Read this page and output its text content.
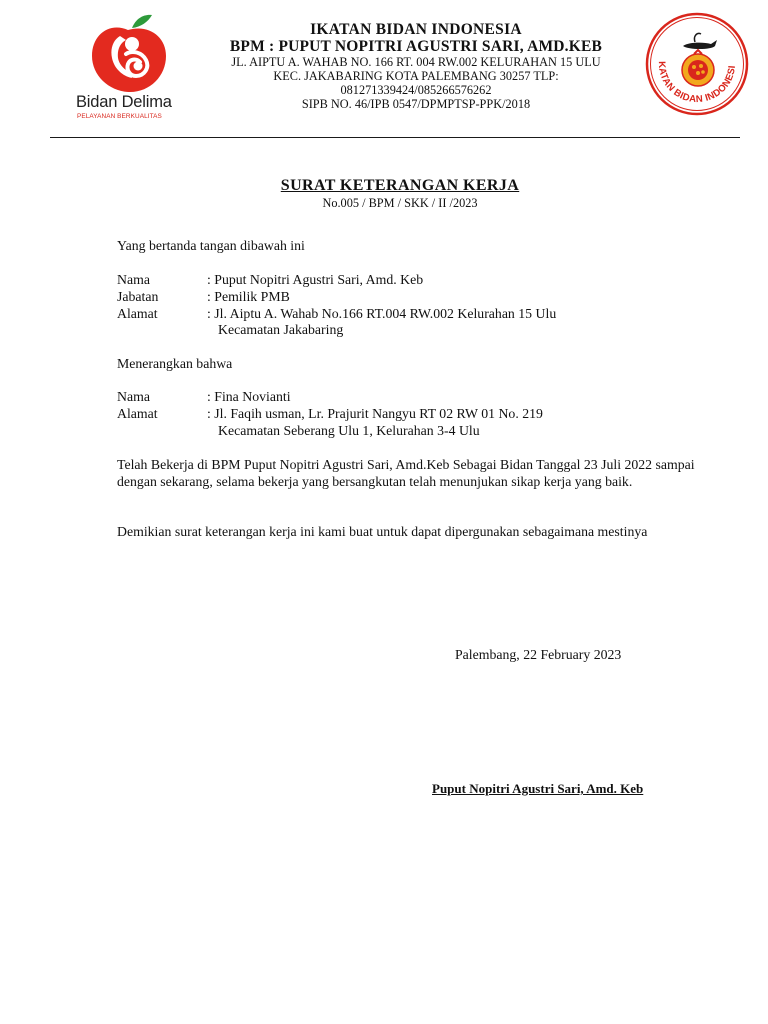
Bidan Delima
PELAYANAN BERKUALITAS
KATAN BIDAN INDONESI
IKATAN BIDAN INDONESIA
BPM : PUPUT NOPITRI AGUSTRI SARI, AMD.KEB
JL. AIPTU A. WAHAB NO. 166 RT. 004 RW.002 KELURAHAN 15 ULU
KEC. JAKABARING KOTA PALEMBANG 30257 TLP:
081271339424/085266576262
SIPB NO. 46/IPB 0547/DPMPTSP-PPK/2018
SURAT KETERANGAN KERJA
No.005 / BPM / SKK / II /2023
Yang bertanda tangan dibawah ini
Nama	: Puput Nopitri Agustri Sari, Amd. Keb
Jabatan	: Pemilik PMB
Alamat	: Jl. Aiptu A. Wahab No.166 RT.004 RW.002 Kelurahan 15 Ulu
Kecamatan Jakabaring
Menerangkan bahwa
Nama	: Fina Novianti
Alamat	: Jl. Faqih usman, Lr. Prajurit Nangyu RT 02 RW 01 No. 219
Kecamatan Seberang Ulu 1, Kelurahan 3-4 Ulu
Telah Bekerja di BPM Puput Nopitri Agustri Sari, Amd.Keb Sebagai Bidan Tanggal 23 Juli 2022 sampai dengan sekarang, selama bekerja yang bersangkutan telah menunjukan sikap kerja yang baik.
Demikian surat keterangan kerja ini kami buat untuk dapat dipergunakan sebagaimana mestinya
Palembang, 22 February 2023
Puput Nopitri Agustri Sari, Amd. Keb
